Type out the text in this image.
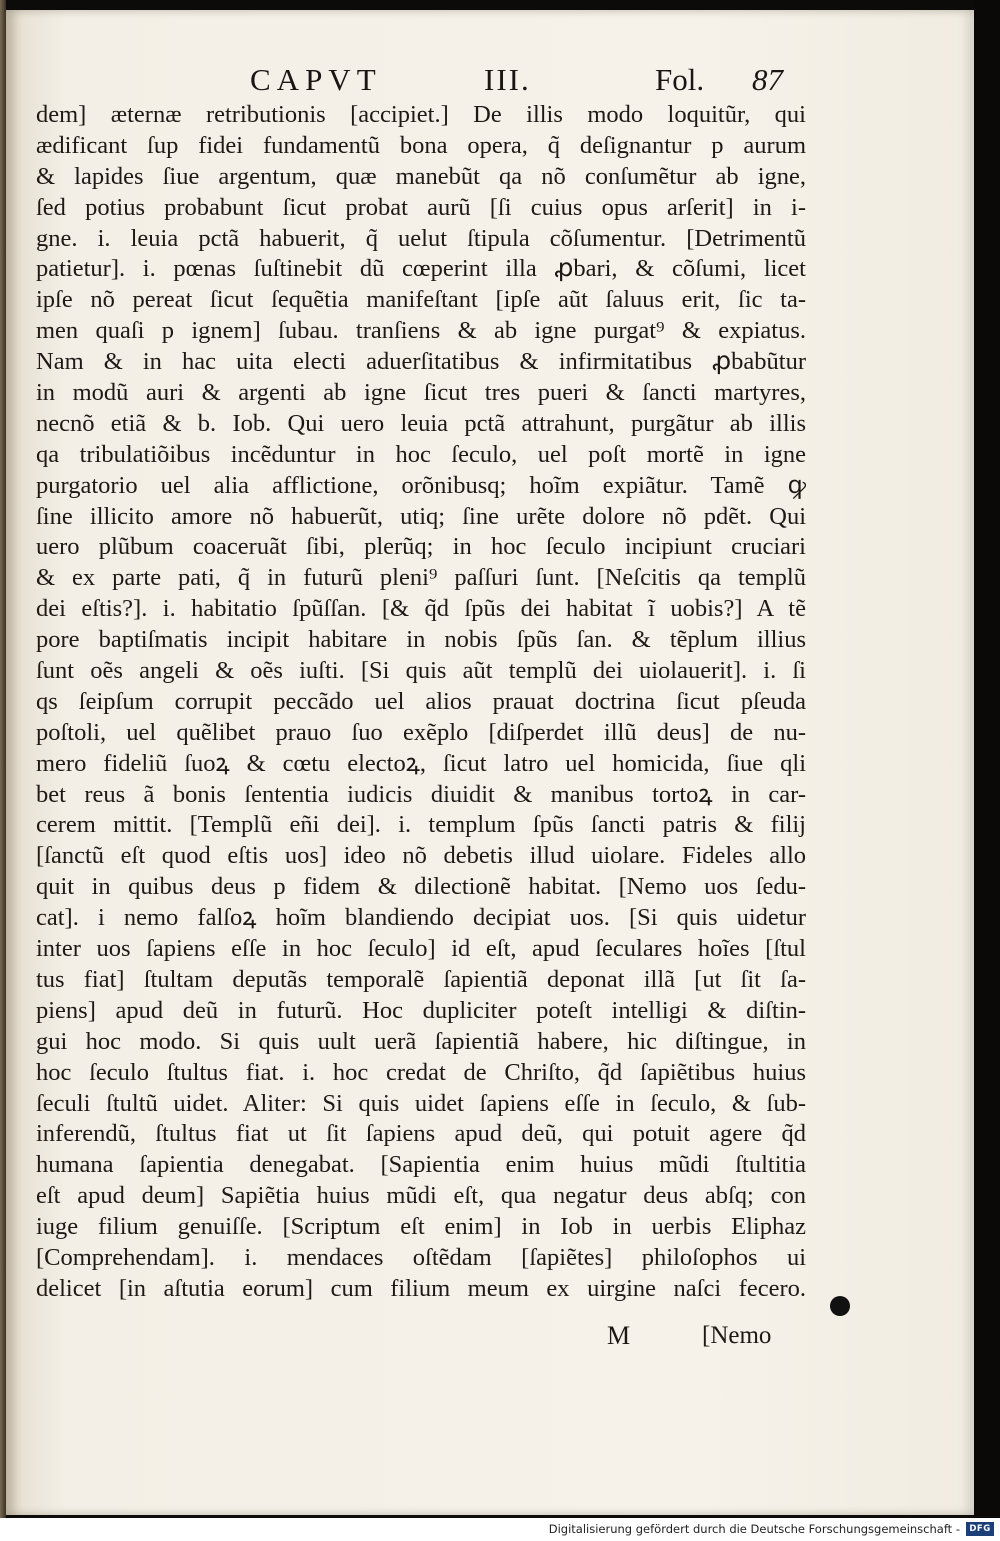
CAPVT	III.	Fol. 87
dem] æternæ retributionis [accipiet.] De illis modo loquitũr, qui
ædificant ſup fidei fundamentũ bona opera, q̃ deſignantur p aurum
& lapides ſiue argentum, quæ manebũt qa nõ conſumẽtur ab igne,
ſed potius probabunt ſicut probat aurũ [ſi cuius opus arſerit] in i-
gne. i. leuia pctã habuerit, q̃ uelut ſtipula cõſumentur. [Detrimentũ
patietur]. i. pœnas ſuſtinebit dũ cœperint illa ꝓbari, & cõſumi, licet
ipſe nõ pereat ſicut ſequẽtia manifeſtant [ipſe aũt ſaluus erit, ſic ta-
men quaſi p ignem] ſubau. tranſiens & ab igne purgat⁹ & expiatus.
Nam & in hac uita electi aduerſitatibus & infirmitatibus ꝓbabũtur
in modũ auri & argenti ab igne ſicut tres pueri & ſancti martyres,
necnõ etiã & b. Iob. Qui uero leuia pctã attrahunt, purgãtur ab illis
qa tribulatiõibus incẽduntur in hoc ſeculo, uel poſt mortẽ in igne
purgatorio uel alia afflictione, orõnibusq; hoĩm expiãtur. Tamẽ ꝙ
ſine illicito amore nõ habuerũt, utiq; ſine urẽte dolore nõ pdẽt. Qui
uero plũbum coaceruãt ſibi, plerũq; in hoc ſeculo incipiunt cruciari
& ex parte pati, q̃ in futurũ pleni⁹ paſſuri ſunt. [Neſcitis qa templũ
dei eſtis?]. i. habitatio ſpũſſan. [& q̃d ſpũs dei habitat ĩ uobis?] A tẽ
pore baptiſmatis incipit habitare in nobis ſpũs ſan. & tẽplum illius
ſunt oẽs angeli & oẽs iuſti. [Si quis aũt templũ dei uiolauerit]. i. ſi
qs ſeipſum corrupit peccãdo uel alios prauat doctrina ſicut pſeuda
poſtoli, uel quẽlibet prauo ſuo exẽplo [diſperdet illũ deus] de nu-
mero fideliũ ſuoꝝ & cœtu electoꝝ, ſicut latro uel homicida, ſiue qli
bet reus ã bonis ſententia iudicis diuidit & manibus tortoꝝ in car-
cerem mittit. [Templũ eñi dei]. i. templum ſpũs ſancti patris & filij
[ſanctũ eſt quod eſtis uos] ideo nõ debetis illud uiolare. Fideles allo
quit in quibus deus p fidem & dilectionẽ habitat. [Nemo uos ſedu-
cat]. i nemo falſoꝝ hoĩm blandiendo decipiat uos. [Si quis uidetur
inter uos ſapiens eſſe in hoc ſeculo] id eſt, apud ſeculares hoĩes [ſtul
tus fiat] ſtultam deputãs temporalẽ ſapientiã deponat illã [ut ſit ſa-
piens] apud deũ in futurũ. Hoc dupliciter poteſt intelligi & diſtin-
gui hoc modo. Si quis uult uerã ſapientiã habere, hic diſtingue, in
hoc ſeculo ſtultus fiat. i. hoc credat de Chriſto, q̃d ſapiẽtibus huius
ſeculi ſtultũ uidet. Aliter: Si quis uidet ſapiens eſſe in ſeculo, & ſub-
inferendũ, ſtultus fiat ut ſit ſapiens apud deũ, qui potuit agere q̃d
humana ſapientia denegabat. [Sapientia enim huius mũdi ſtultitia
eſt apud deum] Sapiẽtia huius mũdi eſt, qua negatur deus abſq; con
iuge filium genuiſſe. [Scriptum eſt enim] in Iob in uerbis Eliphaz
[Comprehendam]. i. mendaces oſtẽdam [ſapiẽtes] philoſophos ui
delicet [in aſtutia eorum] cum filium meum ex uirgine naſci fecero.
M	[Nemo
Digitalisierung gefördert durch die Deutsche Forschungsgemeinschaft -	DFG
